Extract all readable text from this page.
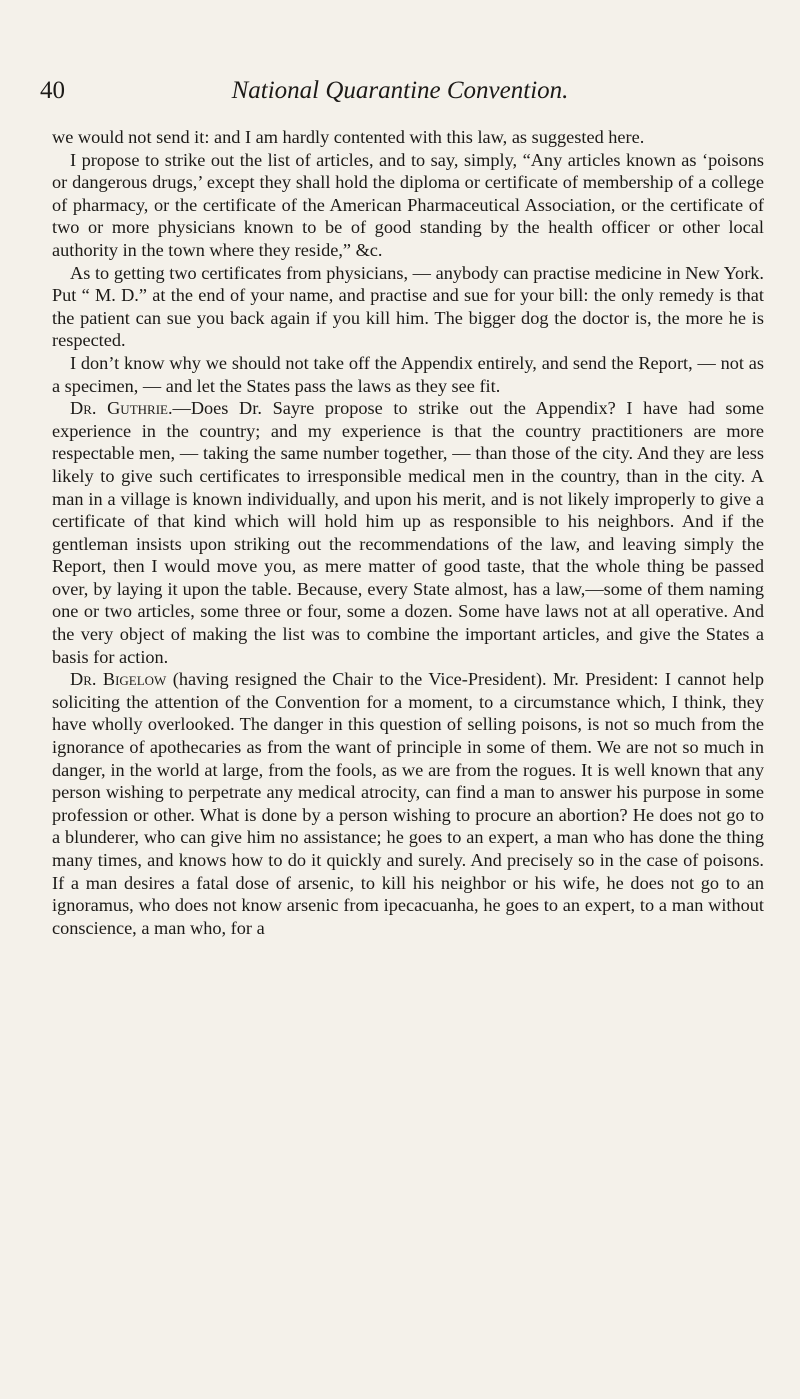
40	National Quarantine Convention.

we would not send it: and I am hardly contented with this law, as suggested here.

I propose to strike out the list of articles, and to say, simply, “Any articles known as ‘poisons or dangerous drugs,’ except they shall hold the diploma or certificate of membership of a college of pharmacy, or the certificate of the American Pharmaceutical Association, or the certificate of two or more physicians known to be of good standing by the health officer or other local authority in the town where they reside,” &c.

As to getting two certificates from physicians, — anybody can practise medicine in New York. Put “ M. D.” at the end of your name, and practise and sue for your bill: the only remedy is that the patient can sue you back again if you kill him. The bigger dog the doctor is, the more he is respected.

I don’t know why we should not take off the Appendix entirely, and send the Report, — not as a specimen, — and let the States pass the laws as they see fit.

Dr. Guthrie.—Does Dr. Sayre propose to strike out the Appendix? I have had some experience in the country; and my experience is that the country practitioners are more respectable men, — taking the same number together, — than those of the city. And they are less likely to give such certificates to irresponsible medical men in the country, than in the city. A man in a village is known individually, and upon his merit, and is not likely improperly to give a certificate of that kind which will hold him up as responsible to his neighbors. And if the gentleman insists upon striking out the recommendations of the law, and leaving simply the Report, then I would move you, as mere matter of good taste, that the whole thing be passed over, by laying it upon the table. Because, every State almost, has a law,—some of them naming one or two articles, some three or four, some a dozen. Some have laws not at all operative. And the very object of making the list was to combine the important articles, and give the States a basis for action.

Dr. Bigelow (having resigned the Chair to the Vice-President). Mr. President: I cannot help soliciting the attention of the Convention for a moment, to a circumstance which, I think, they have wholly overlooked. The danger in this question of selling poisons, is not so much from the ignorance of apothecaries as from the want of principle in some of them. We are not so much in danger, in the world at large, from the fools, as we are from the rogues. It is well known that any person wishing to perpetrate any medical atrocity, can find a man to answer his purpose in some profession or other. What is done by a person wishing to procure an abortion? He does not go to a blunderer, who can give him no assistance; he goes to an expert, a man who has done the thing many times, and knows how to do it quickly and surely. And precisely so in the case of poisons. If a man desires a fatal dose of arsenic, to kill his neighbor or his wife, he does not go to an ignoramus, who does not know arsenic from ipecacuanha, he goes to an expert, to a man without conscience, a man who, for a
